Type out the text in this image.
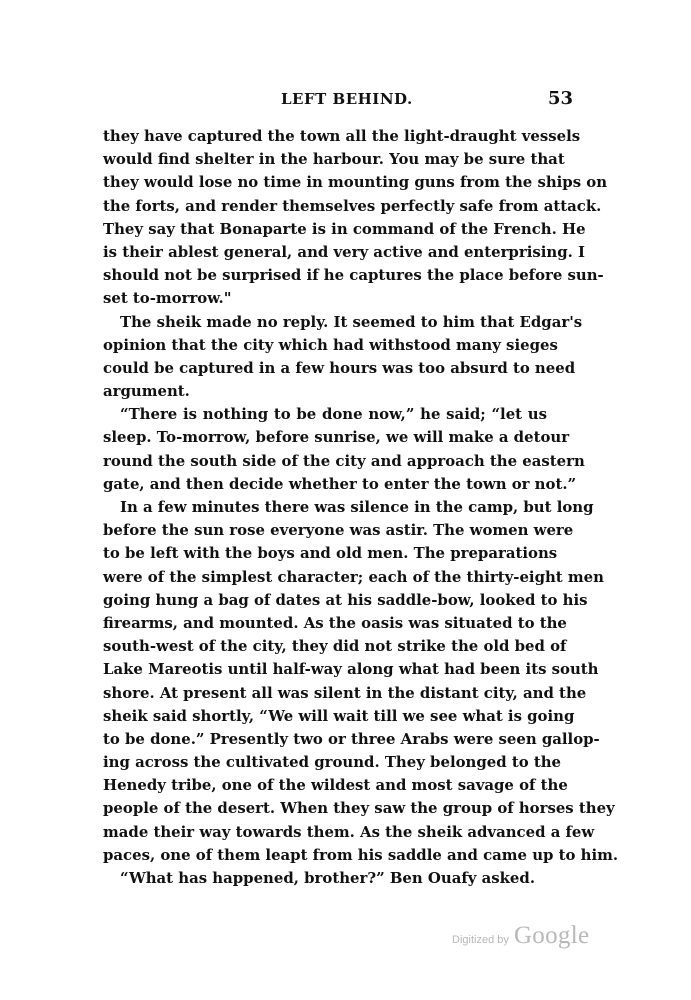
LEFT BEHIND.	53
they have captured the town all the light-draught vessels
would find shelter in the harbour. You may be sure that
they would lose no time in mounting guns from the ships on
the forts, and render themselves perfectly safe from attack.
They say that Bonaparte is in command of the French. He
is their ablest general, and very active and enterprising. I
should not be surprised if he captures the place before sun-
set to-morrow."
The sheik made no reply. It seemed to him that Edgar's
opinion that the city which had withstood many sieges
could be captured in a few hours was too absurd to need
argument.
“There is nothing to be done now,” he said; “let us
sleep. To-morrow, before sunrise, we will make a detour
round the south side of the city and approach the eastern
gate, and then decide whether to enter the town or not.”
In a few minutes there was silence in the camp, but long
before the sun rose everyone was astir. The women were
to be left with the boys and old men. The preparations
were of the simplest character; each of the thirty-eight men
going hung a bag of dates at his saddle-bow, looked to his
firearms, and mounted. As the oasis was situated to the
south-west of the city, they did not strike the old bed of
Lake Mareotis until half-way along what had been its south
shore. At present all was silent in the distant city, and the
sheik said shortly, “We will wait till we see what is going
to be done.” Presently two or three Arabs were seen gallop-
ing across the cultivated ground. They belonged to the
Henedy tribe, one of the wildest and most savage of the
people of the desert. When they saw the group of horses they
made their way towards them. As the sheik advanced a few
paces, one of them leapt from his saddle and came up to him.
“What has happened, brother?” Ben Ouafy asked.
Digitized by Google
